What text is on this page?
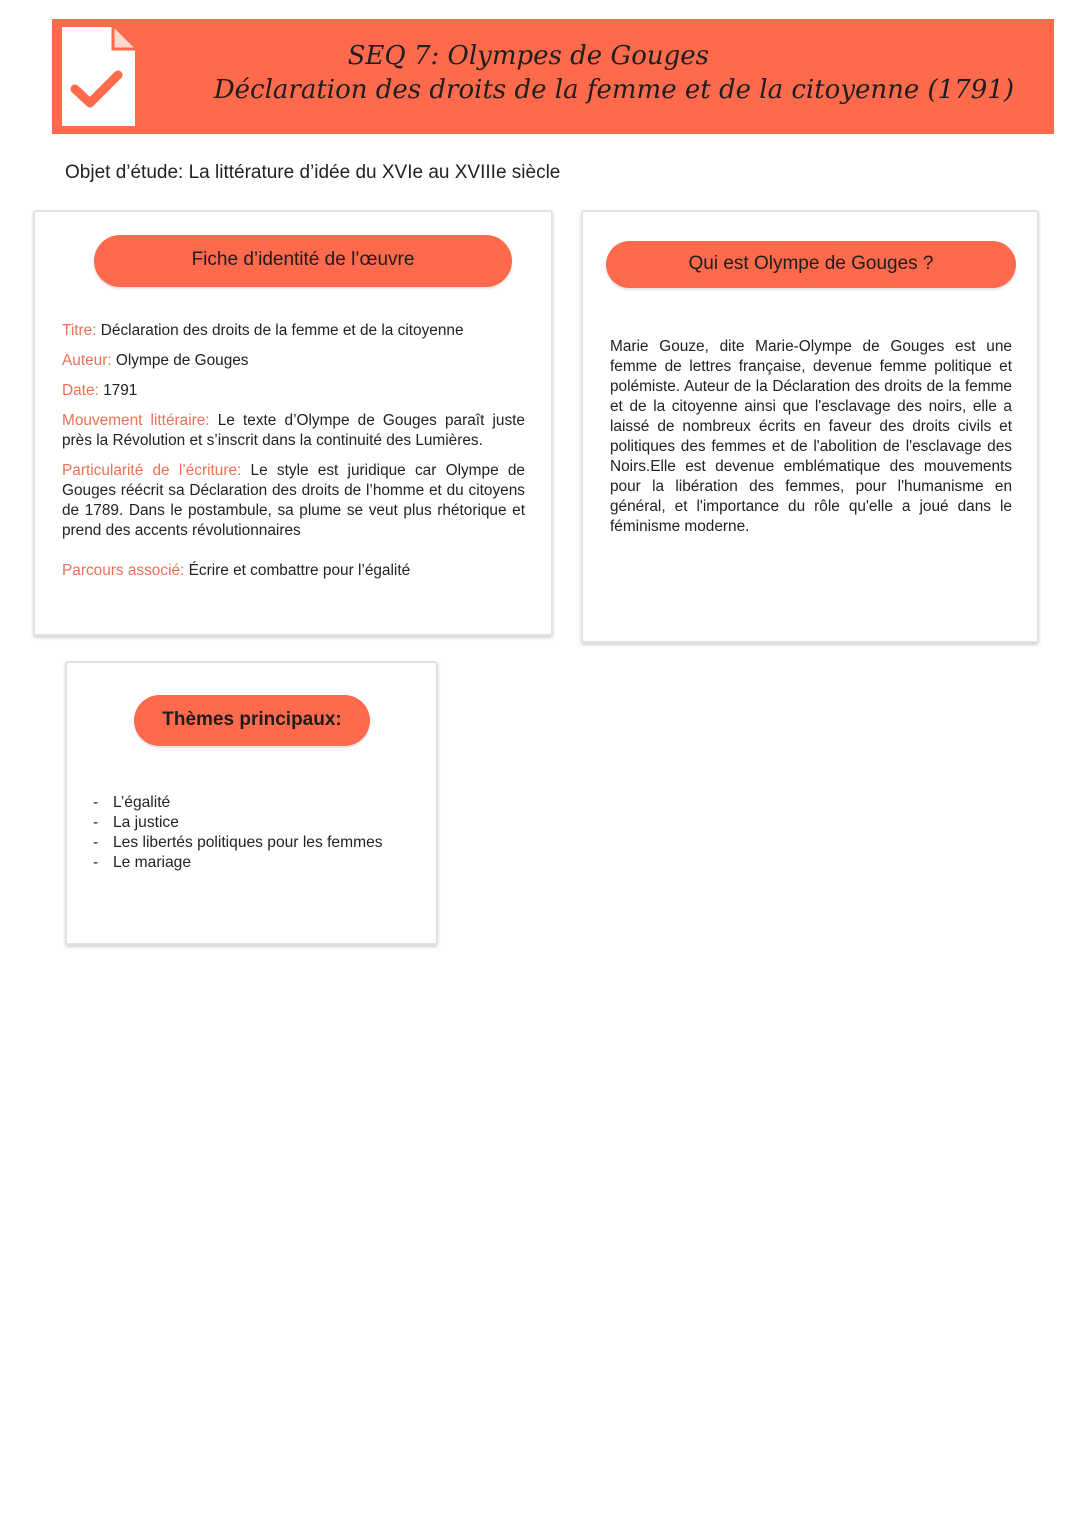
SEQ 7: Olympes de Gouges
Déclaration des droits de la femme et de la citoyenne (1791)
Objet d’étude: La littérature d’idée du XVIe au XVIIIe siècle
Fiche d’identité de l’œuvre

Titre: Déclaration des droits de la femme et de la citoyenne

Auteur: Olympe de Gouges

Date: 1791

Mouvement littéraire: Le texte d’Olympe de Gouges paraît juste près la Révolution et s’inscrit dans la continuité des Lumières.

Particularité de l’écriture: Le style est juridique car Olympe de Gouges réécrit sa Déclaration des droits de l’homme et du citoyens de 1789. Dans le postambule, sa plume se veut plus rhétorique et prend des accents révolutionnaires

Parcours associé: Écrire et combattre pour l’égalité

Qui est Olympe de Gouges ?

Marie Gouze, dite Marie-Olympe de Gouges est une femme de lettres française, devenue femme politique et polémiste. Auteur de la Déclaration des droits de la femme et de la citoyenne ainsi que l'esclavage des noirs, elle a laissé de nombreux écrits en faveur des droits civils et politiques des femmes et de l'abolition de l'esclavage des Noirs.Elle est devenue emblématique des mouvements pour la libération des femmes, pour l'humanisme en général, et l'importance du rôle qu'elle a joué dans le féminisme moderne.

Thèmes principaux:
- L’égalité
- La justice
- Les libertés politiques pour les femmes
- Le mariage
